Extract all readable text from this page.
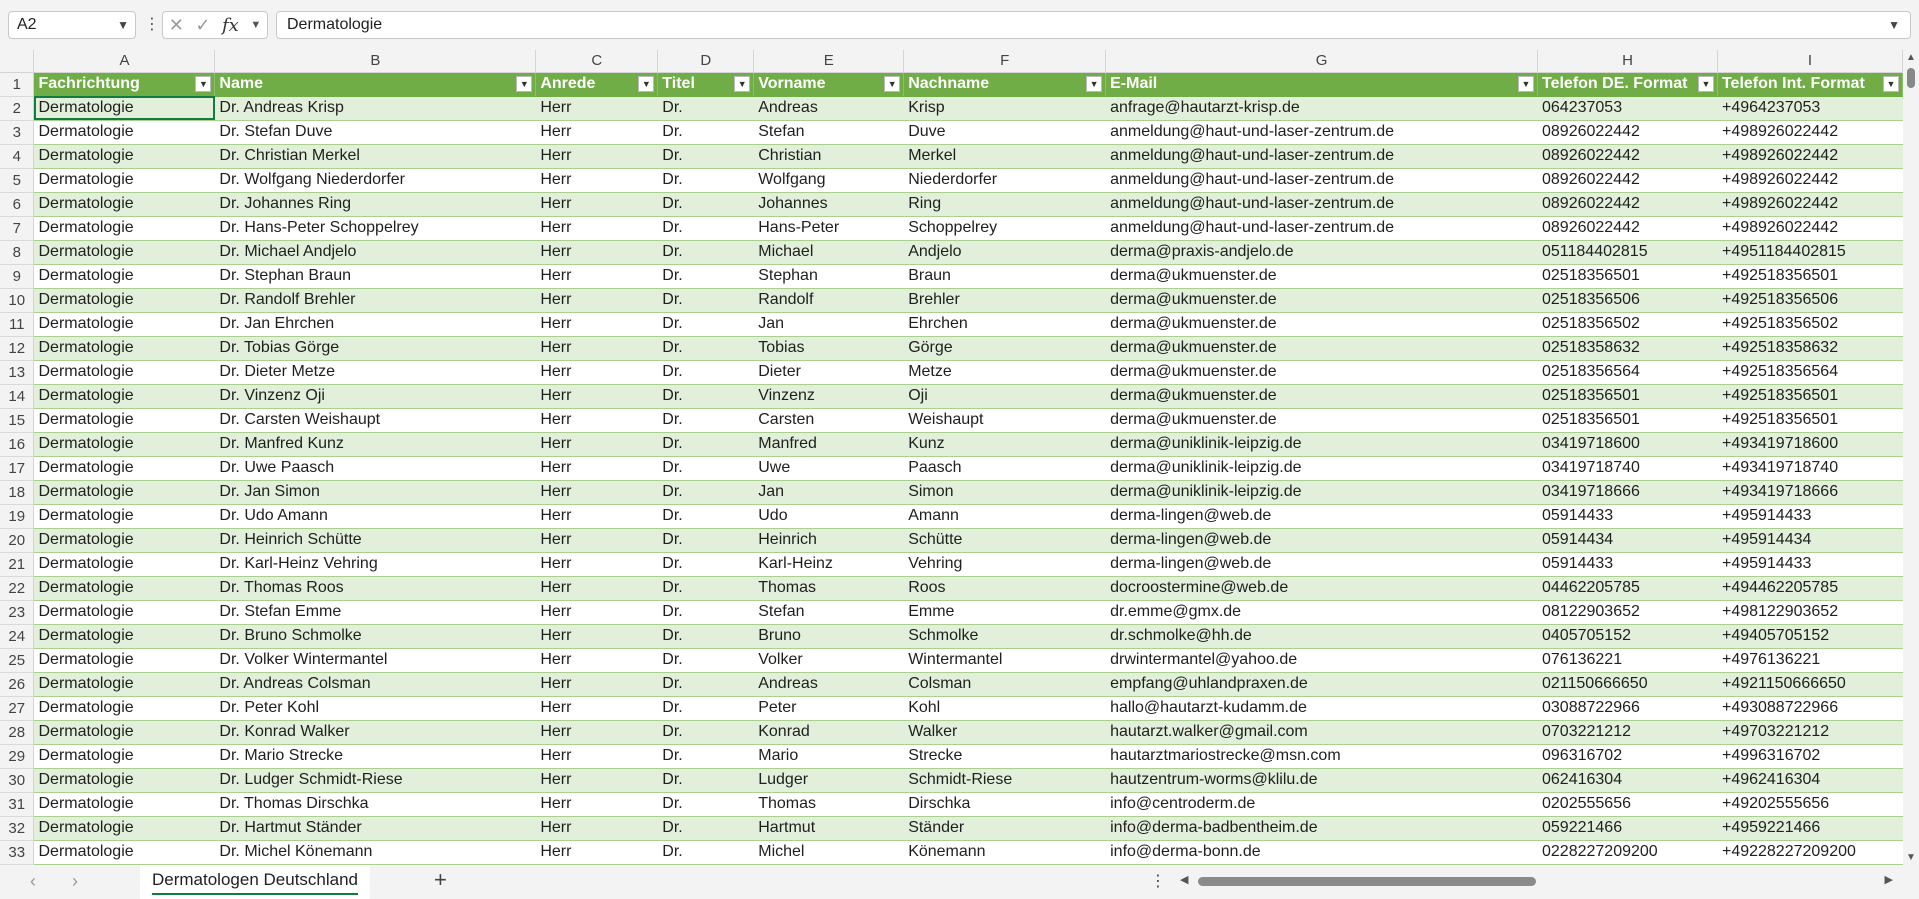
A2	▼ ⋮ ✕ ✓ fx ▼	Dermatologie	▼
	A	B	C	D	E	F	G	H	I
1	Fachrichtung ▼	Name ▼	Anrede ▼	Titel ▼	Vorname ▼	Nachname ▼	E-Mail ▼	Telefon DE. Format ▼	Telefon Int. Format ▼

2	Dermatologie	Dr. Andreas Krisp	Herr	Dr.	Andreas	Krisp	anfrage@hautarzt-krisp.de	064237053	+4964237053
3	Dermatologie	Dr. Stefan Duve	Herr	Dr.	Stefan	Duve	anmeldung@haut-und-laser-zentrum.de	08926022442	+498926022442
4	Dermatologie	Dr. Christian Merkel	Herr	Dr.	Christian	Merkel	anmeldung@haut-und-laser-zentrum.de	08926022442	+498926022442
5	Dermatologie	Dr. Wolfgang Niederdorfer	Herr	Dr.	Wolfgang	Niederdorfer	anmeldung@haut-und-laser-zentrum.de	08926022442	+498926022442
6	Dermatologie	Dr. Johannes Ring	Herr	Dr.	Johannes	Ring	anmeldung@haut-und-laser-zentrum.de	08926022442	+498926022442
7	Dermatologie	Dr. Hans-Peter Schoppelrey	Herr	Dr.	Hans-Peter	Schoppelrey	anmeldung@haut-und-laser-zentrum.de	08926022442	+498926022442
8	Dermatologie	Dr. Michael Andjelo	Herr	Dr.	Michael	Andjelo	derma@praxis-andjelo.de	051184402815	+4951184402815
9	Dermatologie	Dr. Stephan Braun	Herr	Dr.	Stephan	Braun	derma@ukmuenster.de	02518356501	+492518356501
10	Dermatologie	Dr. Randolf Brehler	Herr	Dr.	Randolf	Brehler	derma@ukmuenster.de	02518356506	+492518356506
11	Dermatologie	Dr. Jan Ehrchen	Herr	Dr.	Jan	Ehrchen	derma@ukmuenster.de	02518356502	+492518356502
12	Dermatologie	Dr. Tobias Görge	Herr	Dr.	Tobias	Görge	derma@ukmuenster.de	02518358632	+492518358632
13	Dermatologie	Dr. Dieter Metze	Herr	Dr.	Dieter	Metze	derma@ukmuenster.de	02518356564	+492518356564
14	Dermatologie	Dr. Vinzenz Oji	Herr	Dr.	Vinzenz	Oji	derma@ukmuenster.de	02518356501	+492518356501
15	Dermatologie	Dr. Carsten Weishaupt	Herr	Dr.	Carsten	Weishaupt	derma@ukmuenster.de	02518356501	+492518356501
16	Dermatologie	Dr. Manfred Kunz	Herr	Dr.	Manfred	Kunz	derma@uniklinik-leipzig.de	03419718600	+493419718600
17	Dermatologie	Dr. Uwe Paasch	Herr	Dr.	Uwe	Paasch	derma@uniklinik-leipzig.de	03419718740	+493419718740
18	Dermatologie	Dr. Jan Simon	Herr	Dr.	Jan	Simon	derma@uniklinik-leipzig.de	03419718666	+493419718666
19	Dermatologie	Dr. Udo Amann	Herr	Dr.	Udo	Amann	derma-lingen@web.de	05914433	+495914433
20	Dermatologie	Dr. Heinrich Schütte	Herr	Dr.	Heinrich	Schütte	derma-lingen@web.de	05914434	+495914434
21	Dermatologie	Dr. Karl-Heinz Vehring	Herr	Dr.	Karl-Heinz	Vehring	derma-lingen@web.de	05914433	+495914433
22	Dermatologie	Dr. Thomas Roos	Herr	Dr.	Thomas	Roos	docroostermine@web.de	04462205785	+494462205785
23	Dermatologie	Dr. Stefan Emme	Herr	Dr.	Stefan	Emme	dr.emme@gmx.de	08122903652	+498122903652
24	Dermatologie	Dr. Bruno Schmolke	Herr	Dr.	Bruno	Schmolke	dr.schmolke@hh.de	0405705152	+49405705152
25	Dermatologie	Dr. Volker Wintermantel	Herr	Dr.	Volker	Wintermantel	drwintermantel@yahoo.de	076136221	+4976136221
26	Dermatologie	Dr. Andreas Colsman	Herr	Dr.	Andreas	Colsman	empfang@uhlandpraxen.de	021150666650	+4921150666650
27	Dermatologie	Dr. Peter Kohl	Herr	Dr.	Peter	Kohl	hallo@hautarzt-kudamm.de	03088722966	+493088722966
28	Dermatologie	Dr. Konrad Walker	Herr	Dr.	Konrad	Walker	hautarzt.walker@gmail.com	0703221212	+49703221212
29	Dermatologie	Dr. Mario Strecke	Herr	Dr.	Mario	Strecke	hautarztmariostrecke@msn.com	096316702	+4996316702
30	Dermatologie	Dr. Ludger Schmidt-Riese	Herr	Dr.	Ludger	Schmidt-Riese	hautzentrum-worms@klilu.de	062416304	+4962416304
31	Dermatologie	Dr. Thomas Dirschka	Herr	Dr.	Thomas	Dirschka	info@centroderm.de	0202555656	+49202555656
32	Dermatologie	Dr. Hartmut Ständer	Herr	Dr.	Hartmut	Ständer	info@derma-badbentheim.de	059221466	+4959221466
33	Dermatologie	Dr. Michel Könemann	Herr	Dr.	Michel	Könemann	info@derma-bonn.de	0228227209200	+49228227209200
▲
▼
‹ ›	Dermatologen Deutschland	+	⋮ ◀	▶
